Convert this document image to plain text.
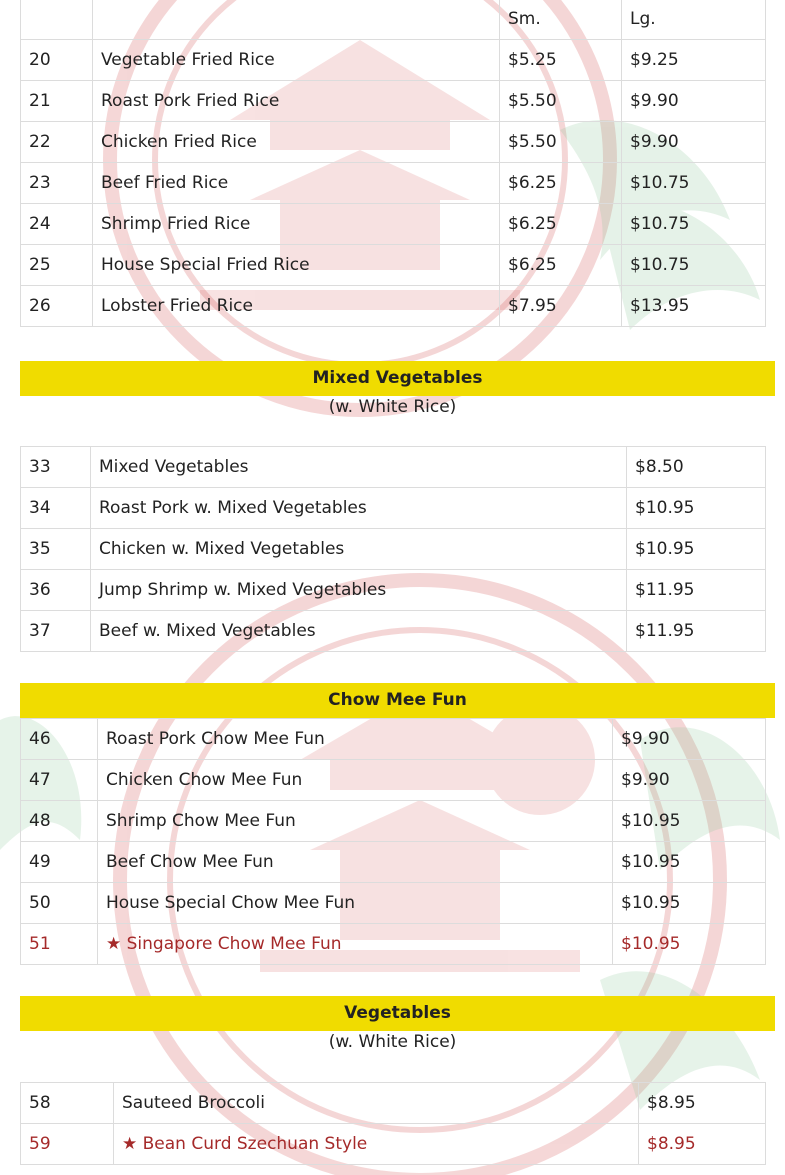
		Sm.	Lg.
20	Vegetable Fried Rice	$5.25	$9.25
21	Roast Pork Fried Rice	$5.50	$9.90
22	Chicken Fried Rice	$5.50	$9.90
23	Beef Fried Rice	$6.25	$10.75
24	Shrimp Fried Rice	$6.25	$10.75
25	House Special Fried Rice	$6.25	$10.75
26	Lobster Fried Rice	$7.95	$13.95
Mixed Vegetables
(w. White Rice)
33	Mixed Vegetables	$8.50
34	Roast Pork w. Mixed Vegetables	$10.95
35	Chicken w. Mixed Vegetables	$10.95
36	Jump Shrimp w. Mixed Vegetables	$11.95
37	Beef w. Mixed Vegetables	$11.95
Chow Mee Fun
46	Roast Pork Chow Mee Fun	$9.90
47	Chicken Chow Mee Fun	$9.90
48	Shrimp Chow Mee Fun	$10.95
49	Beef Chow Mee Fun	$10.95
50	House Special Chow Mee Fun	$10.95
51	★ Singapore Chow Mee Fun	$10.95
Vegetables
(w. White Rice)
58	Sauteed Broccoli	$8.95
59	★ Bean Curd Szechuan Style	$8.95
